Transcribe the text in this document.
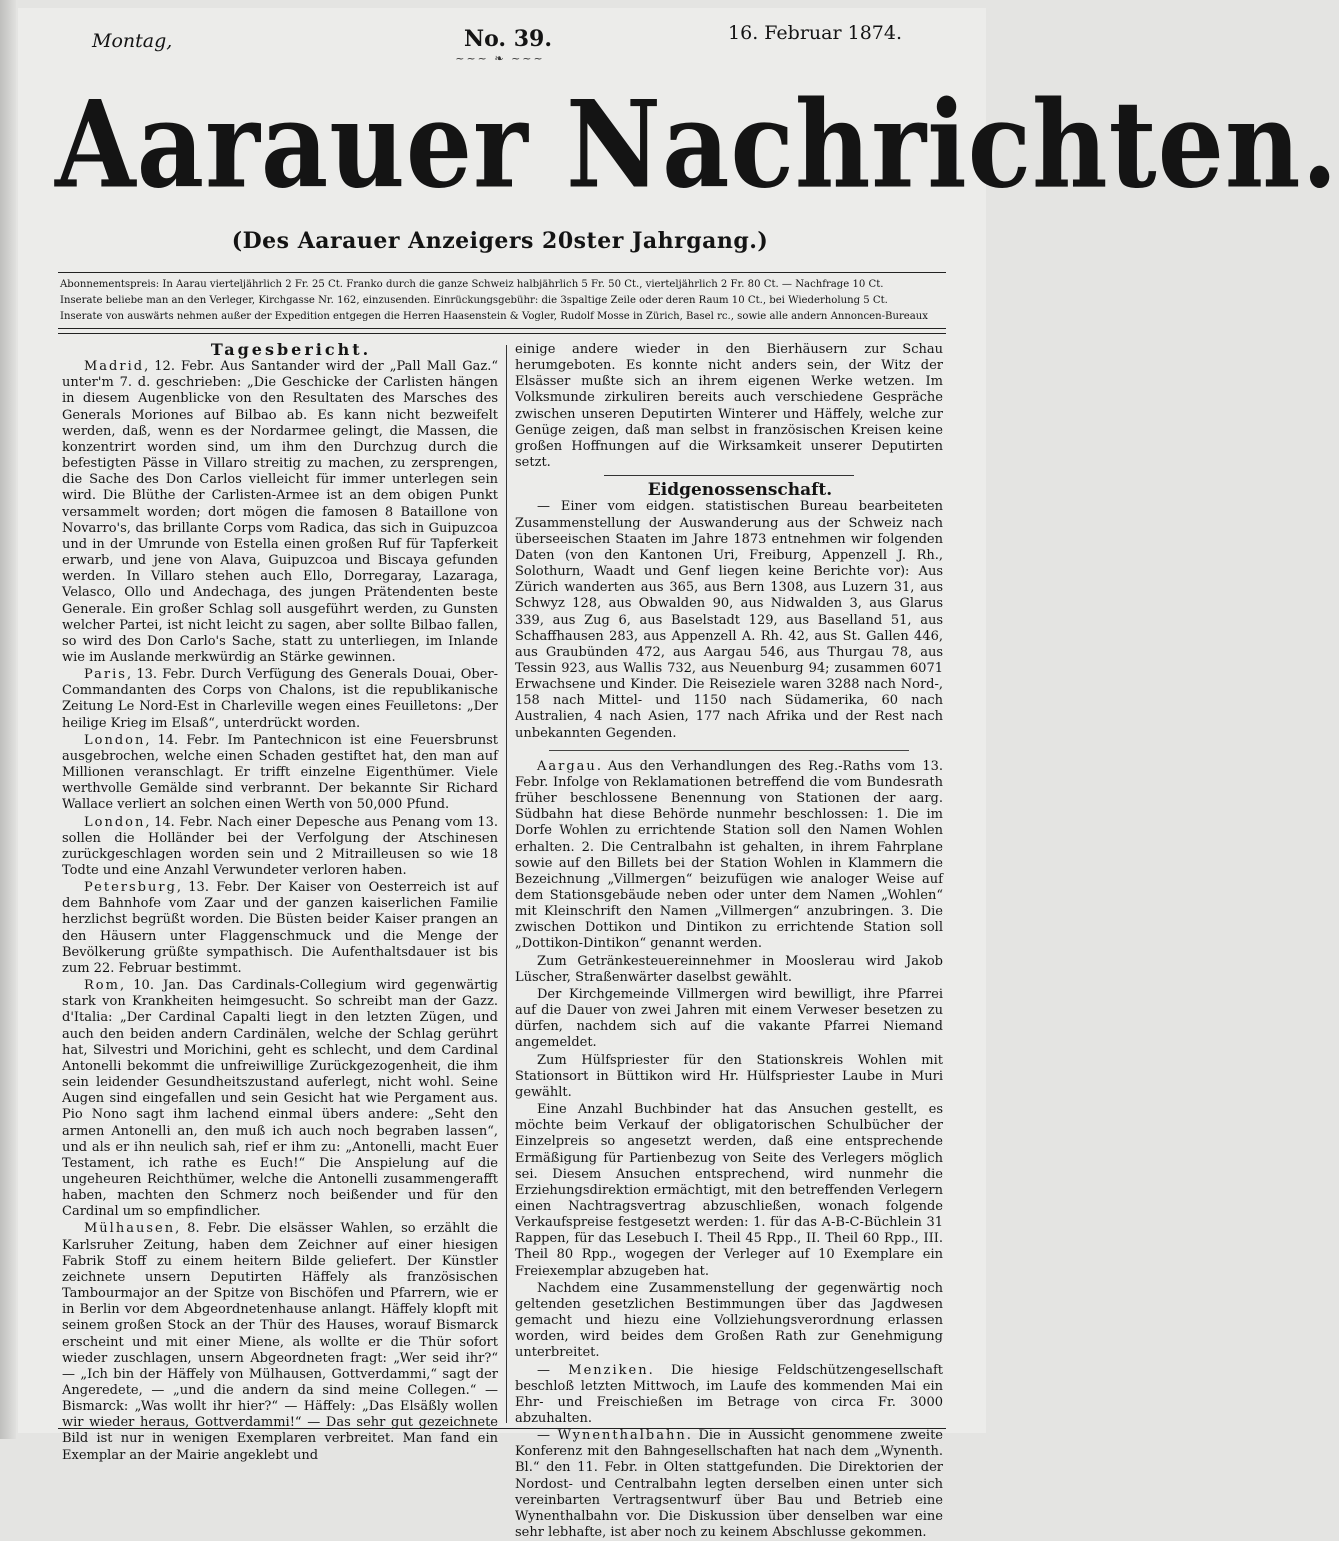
Montag,	No. 39.	16. Februar 1874.
~~~ ❧ ~~~
Aarauer Nachrichten.
(Des Aarauer Anzeigers 20ster Jahrgang.)
Abonnementspreis: In Aarau vierteljährlich 2 Fr. 25 Ct. Franko durch die ganze Schweiz halbjährlich 5 Fr. 50 Ct., vierteljährlich 2 Fr. 80 Ct. — Nachfrage 10 Ct.
Inserate beliebe man an den Verleger, Kirchgasse Nr. 162, einzusenden. Einrückungsgebühr: die 3spaltige Zeile oder deren Raum 10 Ct., bei Wiederholung 5 Ct.
Inserate von auswärts nehmen außer der Expedition entgegen die Herren Haasenstein & Vogler, Rudolf Mosse in Zürich, Basel rc., sowie alle andern Annoncen-Bureaux

Tagesbericht.

Madrid, 12. Febr. Aus Santander wird der „Pall Mall Gaz.“ unter'm 7. d. geschrieben: „Die Geschicke der Carlisten hängen in diesem Augenblicke von den Resultaten des Marsches des Generals Moriones auf Bilbao ab. Es kann nicht bezweifelt werden, daß, wenn es der Nordarmee gelingt, die Massen, die konzentrirt worden sind, um ihm den Durchzug durch die befestigten Pässe in Villaro streitig zu machen, zu zersprengen, die Sache des Don Carlos vielleicht für immer unterlegen sein wird. Die Blüthe der Carlisten-Armee ist an dem obigen Punkt versammelt worden; dort mögen die famosen 8 Bataillone von Novarro's, das brillante Corps vom Radica, das sich in Guipuzcoa und in der Umrunde von Estella einen großen Ruf für Tapferkeit erwarb, und jene von Alava, Guipuzcoa und Biscaya gefunden werden. In Villaro stehen auch Ello, Dorregaray, Lazaraga, Velasco, Ollo und Andechaga, des jungen Prätendenten beste Generale. Ein großer Schlag soll ausgeführt werden, zu Gunsten welcher Partei, ist nicht leicht zu sagen, aber sollte Bilbao fallen, so wird des Don Carlo's Sache, statt zu unterliegen, im Inlande wie im Auslande merkwürdig an Stärke gewinnen.

Paris, 13. Febr. Durch Verfügung des Generals Douai, Ober-Commandanten des Corps von Chalons, ist die republikanische Zeitung Le Nord-Est in Charleville wegen eines Feuilletons: „Der heilige Krieg im Elsaß“, unterdrückt worden.

London, 14. Febr. Im Pantechnicon ist eine Feuersbrunst ausgebrochen, welche einen Schaden gestiftet hat, den man auf Millionen veranschlagt. Er trifft einzelne Eigenthümer. Viele werthvolle Gemälde sind verbrannt. Der bekannte Sir Richard Wallace verliert an solchen einen Werth von 50,000 Pfund.

London, 14. Febr. Nach einer Depesche aus Penang vom 13. sollen die Holländer bei der Verfolgung der Atschinesen zurückgeschlagen worden sein und 2 Mitrailleusen so wie 18 Todte und eine Anzahl Verwundeter verloren haben.

Petersburg, 13. Febr. Der Kaiser von Oesterreich ist auf dem Bahnhofe vom Zaar und der ganzen kaiserlichen Familie herzlichst begrüßt worden. Die Büsten beider Kaiser prangen an den Häusern unter Flaggenschmuck und die Menge der Bevölkerung grüßte sympathisch. Die Aufenthaltsdauer ist bis zum 22. Februar bestimmt.

Rom, 10. Jan. Das Cardinals-Collegium wird gegenwärtig stark von Krankheiten heimgesucht. So schreibt man der Gazz. d'Italia: „Der Cardinal Capalti liegt in den letzten Zügen, und auch den beiden andern Cardinälen, welche der Schlag gerührt hat, Silvestri und Morichini, geht es schlecht, und dem Cardinal Antonelli bekommt die unfreiwillige Zurückgezogenheit, die ihm sein leidender Gesundheitszustand auferlegt, nicht wohl. Seine Augen sind eingefallen und sein Gesicht hat wie Pergament aus. Pio Nono sagt ihm lachend einmal übers andere: „Seht den armen Antonelli an, den muß ich auch noch begraben lassen“, und als er ihn neulich sah, rief er ihm zu: „Antonelli, macht Euer Testament, ich rathe es Euch!“ Die Anspielung auf die ungeheuren Reichthümer, welche die Antonelli zusammengerafft haben, machten den Schmerz noch beißender und für den Cardinal um so empfindlicher.

Mülhausen, 8. Febr. Die elsässer Wahlen, so erzählt die Karlsruher Zeitung, haben dem Zeichner auf einer hiesigen Fabrik Stoff zu einem heitern Bilde geliefert. Der Künstler zeichnete unsern Deputirten Häffely als französischen Tambourmajor an der Spitze von Bischöfen und Pfarrern, wie er in Berlin vor dem Abgeordnetenhause anlangt. Häffely klopft mit seinem großen Stock an der Thür des Hauses, worauf Bismarck erscheint und mit einer Miene, als wollte er die Thür sofort wieder zuschlagen, unsern Abgeordneten fragt: „Wer seid ihr?“ — „Ich bin der Häffely von Mülhausen, Gottverdammi,“ sagt der Angeredete, — „und die andern da sind meine Collegen.“ — Bismarck: „Was wollt ihr hier?“ — Häffely: „Das Elsäßly wollen wir wieder heraus, Gottverdammi!“ — Das sehr gut gezeichnete Bild ist nur in wenigen Exemplaren verbreitet. Man fand ein Exemplar an der Mairie angeklebt und

einige andere wieder in den Bierhäusern zur Schau herumgeboten. Es konnte nicht anders sein, der Witz der Elsässer mußte sich an ihrem eigenen Werke wetzen. Im Volksmunde zirkuliren bereits auch verschiedene Gespräche zwischen unseren Deputirten Winterer und Häffely, welche zur Genüge zeigen, daß man selbst in französischen Kreisen keine großen Hoffnungen auf die Wirksamkeit unserer Deputirten setzt.

Eidgenossenschaft.

— Einer vom eidgen. statistischen Bureau bearbeiteten Zusammenstellung der Auswanderung aus der Schweiz nach überseeischen Staaten im Jahre 1873 entnehmen wir folgenden Daten (von den Kantonen Uri, Freiburg, Appenzell J. Rh., Solothurn, Waadt und Genf liegen keine Berichte vor): Aus Zürich wanderten aus 365, aus Bern 1308, aus Luzern 31, aus Schwyz 128, aus Obwalden 90, aus Nidwalden 3, aus Glarus 339, aus Zug 6, aus Baselstadt 129, aus Baselland 51, aus Schaffhausen 283, aus Appenzell A. Rh. 42, aus St. Gallen 446, aus Graubünden 472, aus Aargau 546, aus Thurgau 78, aus Tessin 923, aus Wallis 732, aus Neuenburg 94; zusammen 6071 Erwachsene und Kinder. Die Reiseziele waren 3288 nach Nord-, 158 nach Mittel- und 1150 nach Südamerika, 60 nach Australien, 4 nach Asien, 177 nach Afrika und der Rest nach unbekannten Gegenden.

Aargau. Aus den Verhandlungen des Reg.-Raths vom 13. Febr. Infolge von Reklamationen betreffend die vom Bundesrath früher beschlossene Benennung von Stationen der aarg. Südbahn hat diese Behörde nunmehr beschlossen: 1. Die im Dorfe Wohlen zu errichtende Station soll den Namen Wohlen erhalten. 2. Die Centralbahn ist gehalten, in ihrem Fahrplane sowie auf den Billets bei der Station Wohlen in Klammern die Bezeichnung „Villmergen“ beizufügen wie analoger Weise auf dem Stationsgebäude neben oder unter dem Namen „Wohlen“ mit Kleinschrift den Namen „Villmergen“ anzubringen. 3. Die zwischen Dottikon und Dintikon zu errichtende Station soll „Dottikon-Dintikon“ genannt werden.

Zum Getränkesteuereinnehmer in Mooslerau wird Jakob Lüscher, Straßenwärter daselbst gewählt.

Der Kirchgemeinde Villmergen wird bewilligt, ihre Pfarrei auf die Dauer von zwei Jahren mit einem Verweser besetzen zu dürfen, nachdem sich auf die vakante Pfarrei Niemand angemeldet.

Zum Hülfspriester für den Stationskreis Wohlen mit Stationsort in Büttikon wird Hr. Hülfspriester Laube in Muri gewählt.

Eine Anzahl Buchbinder hat das Ansuchen gestellt, es möchte beim Verkauf der obligatorischen Schulbücher der Einzelpreis so angesetzt werden, daß eine entsprechende Ermäßigung für Partienbezug von Seite des Verlegers möglich sei. Diesem Ansuchen entsprechend, wird nunmehr die Erziehungsdirektion ermächtigt, mit den betreffenden Verlegern einen Nachtragsvertrag abzuschließen, wonach folgende Verkaufspreise festgesetzt werden: 1. für das A-B-C-Büchlein 31 Rappen, für das Lesebuch I. Theil 45 Rpp., II. Theil 60 Rpp., III. Theil 80 Rpp., wogegen der Verleger auf 10 Exemplare ein Freiexemplar abzugeben hat.

Nachdem eine Zusammenstellung der gegenwärtig noch geltenden gesetzlichen Bestimmungen über das Jagdwesen gemacht und hiezu eine Vollziehungsverordnung erlassen worden, wird beides dem Großen Rath zur Genehmigung unterbreitet.

— Menziken. Die hiesige Feldschützengesellschaft beschloß letzten Mittwoch, im Laufe des kommenden Mai ein Ehr- und Freischießen im Betrage von circa Fr. 3000 abzuhalten.

— Wynenthalbahn. Die in Aussicht genommene zweite Konferenz mit den Bahngesellschaften hat nach dem „Wynenth. Bl.“ den 11. Febr. in Olten stattgefunden. Die Direktorien der Nordost- und Centralbahn legten derselben einen unter sich vereinbarten Vertragsentwurf über Bau und Betrieb eine Wynenthalbahn vor. Die Diskussion über denselben war eine sehr lebhafte, ist aber noch zu keinem Abschlusse gekommen.
